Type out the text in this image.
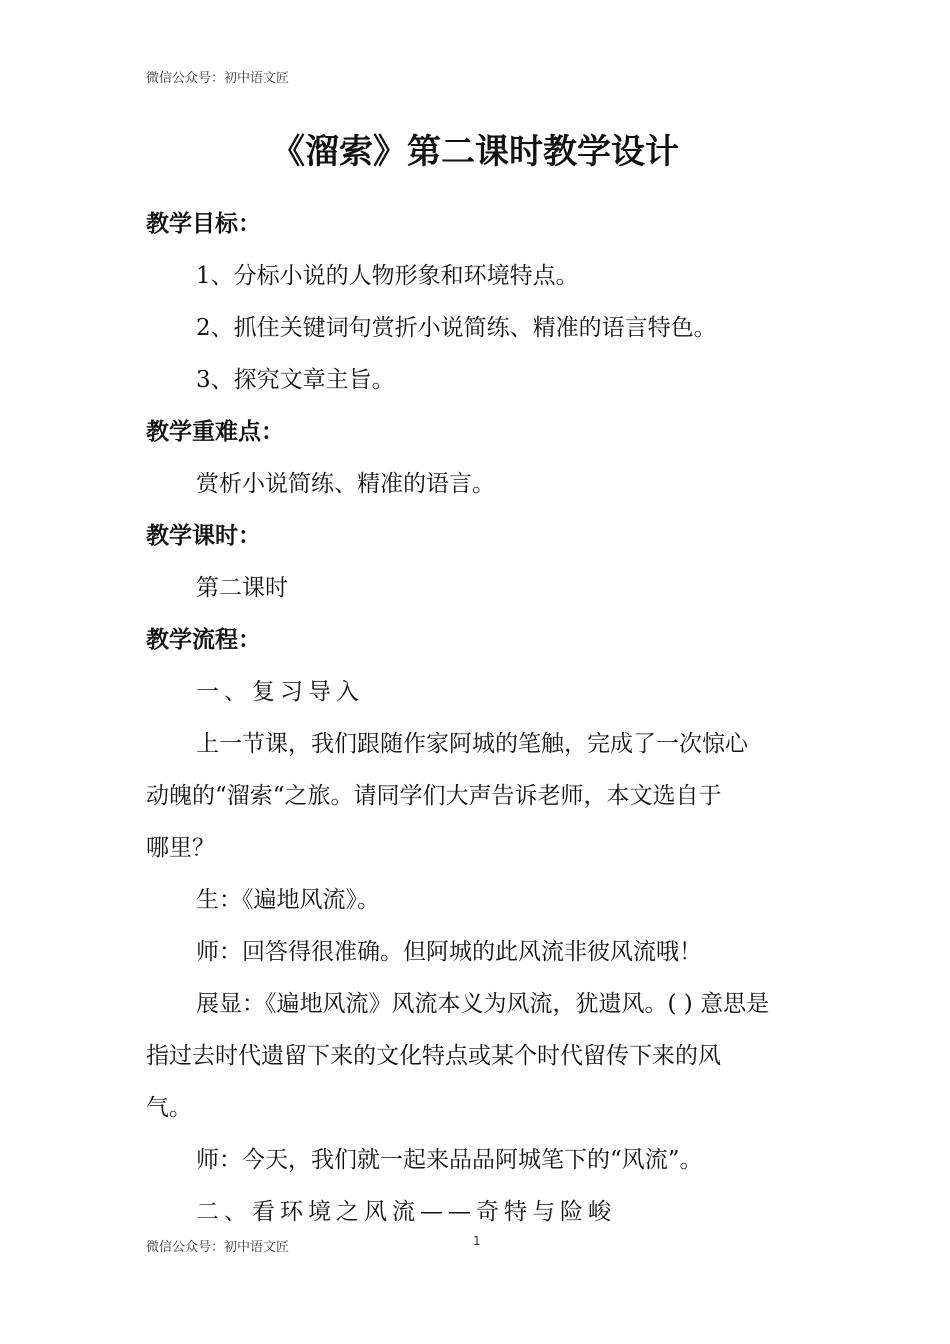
微信公众号：初中语文匠
《溜索》第二课时教学设计
教学目标：
1、分标小说的人物形象和环境特点。
2、抓住关键词句赏折小说简练、精准的语言特色。
3、探究文章主旨。
教学重难点：
赏析小说简练、精准的语言。
教学课时：
第二课时
教学流程：
一、复习导入
上一节课，我们跟随作家阿城的笔触，完成了一次惊心
动魄的“溜索“之旅。请同学们大声告诉老师，本文选自于
哪里？
生：《遍地风流》。
师：回答得很准确。但阿城的此风流非彼风流哦！
展显：《遍地风流》风流本义为风流，犹遗风。( ) 意思是
指过去时代遗留下来的文化特点或某个时代留传下来的风
气。
师：今天，我们就一起来品品阿城笔下的“风流”。
二、看环境之风流——奇特与险峻
微信公众号：初中语文匠	1
